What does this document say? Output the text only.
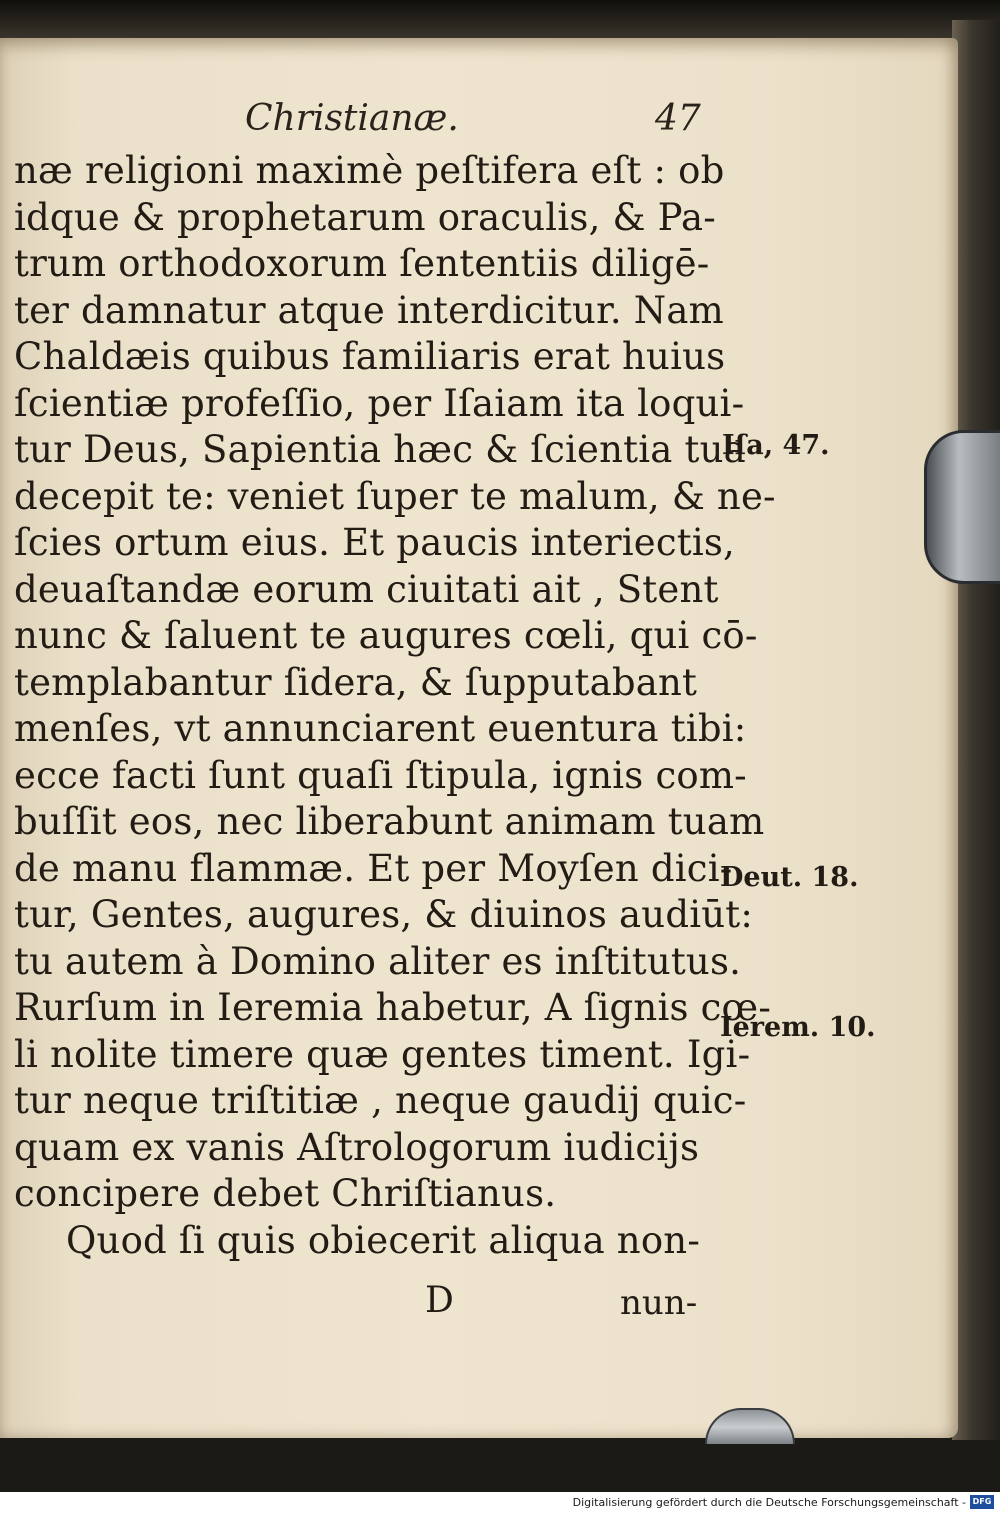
Christianæ.	47
næ religioni maximè peſtifera eſt : ob
idque & prophetarum oraculis, & Pa-
trum orthodoxorum ſententiis diligē-
ter damnatur atque interdicitur. Nam
Chaldæis quibus familiaris erat huius
ſcientiæ profeſſio, per Iſaiam ita loqui-
tur Deus, Sapientia hæc & ſcientia tua
decepit te: veniet ſuper te malum, & ne-
ſcies ortum eius. Et paucis interiectis,
deuaſtandæ eorum ciuitati ait , Stent
nunc & ſaluent te augures cœli, qui cō-
templabantur ſidera, & ſupputabant
menſes, vt annunciarent euentura tibi:
ecce facti ſunt quaſi ſtipula, ignis com-
buſſit eos, nec liberabunt animam tuam
de manu flammæ. Et per Moyſen dici-
tur, Gentes, augures, & diuinos audiūt:
tu autem à Domino aliter es inſtitutus.
Rurſum in Ieremia habetur, A ſignis cœ-
li nolite timere quæ gentes timent. Igi-
tur neque triſtitiæ , neque gaudij quic-
quam ex vanis Aſtrologorum iudicijs
concipere debet Chriſtianus.
Quod ſi quis obiecerit aliqua non-
Iſa, 47.
Deut. 18.
Ierem. 10.
D	nun-
Digitalisierung gefördert durch die Deutsche Forschungsgemeinschaft - DFG
